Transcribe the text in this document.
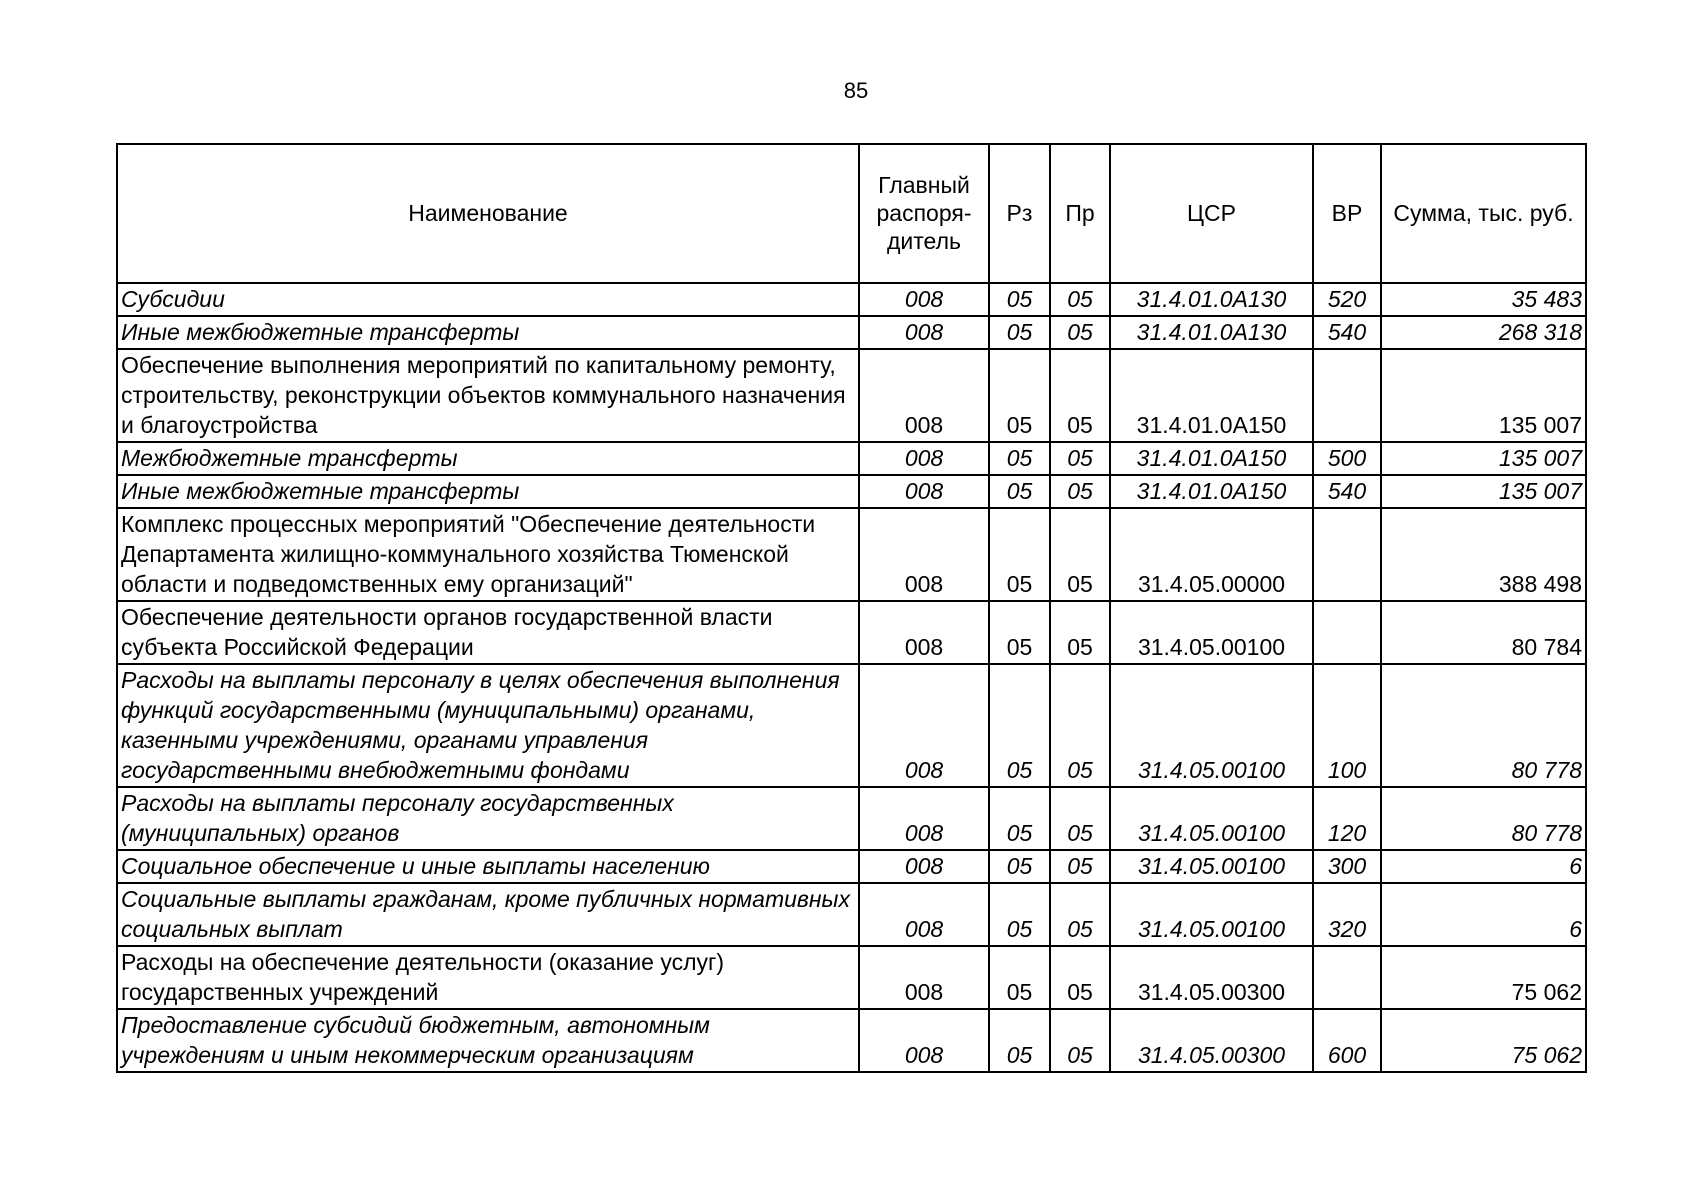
85
Наименование	Главный распоря-дитель	Рз	Пр	ЦСР	ВР	Сумма, тыс. руб.
Субсидии	008	05	05	31.4.01.0А130	520	35 483
Иные межбюджетные трансферты	008	05	05	31.4.01.0А130	540	268 318
Обеспечение выполнения мероприятий по капитальному ремонту, строительству, реконструкции объектов коммунального назначения и благоустройства	008	05	05	31.4.01.0А150		135 007
Межбюджетные трансферты	008	05	05	31.4.01.0А150	500	135 007
Иные межбюджетные трансферты	008	05	05	31.4.01.0А150	540	135 007
Комплекс процессных мероприятий "Обеспечение деятельности Департамента жилищно-коммунального хозяйства Тюменской области и подведомственных ему организаций"	008	05	05	31.4.05.00000		388 498
Обеспечение деятельности органов государственной власти субъекта Российской Федерации	008	05	05	31.4.05.00100		80 784
Расходы на выплаты персоналу в целях обеспечения выполнения функций государственными (муниципальными) органами, казенными учреждениями, органами управления государственными внебюджетными фондами	008	05	05	31.4.05.00100	100	80 778
Расходы на выплаты персоналу государственных (муниципальных) органов	008	05	05	31.4.05.00100	120	80 778
Социальное обеспечение и иные выплаты населению	008	05	05	31.4.05.00100	300	6
Социальные выплаты гражданам, кроме публичных нормативных социальных выплат	008	05	05	31.4.05.00100	320	6
Расходы на обеспечение деятельности (оказание услуг) государственных учреждений	008	05	05	31.4.05.00300		75 062
Предоставление субсидий бюджетным, автономным учреждениям и иным некоммерческим организациям	008	05	05	31.4.05.00300	600	75 062
